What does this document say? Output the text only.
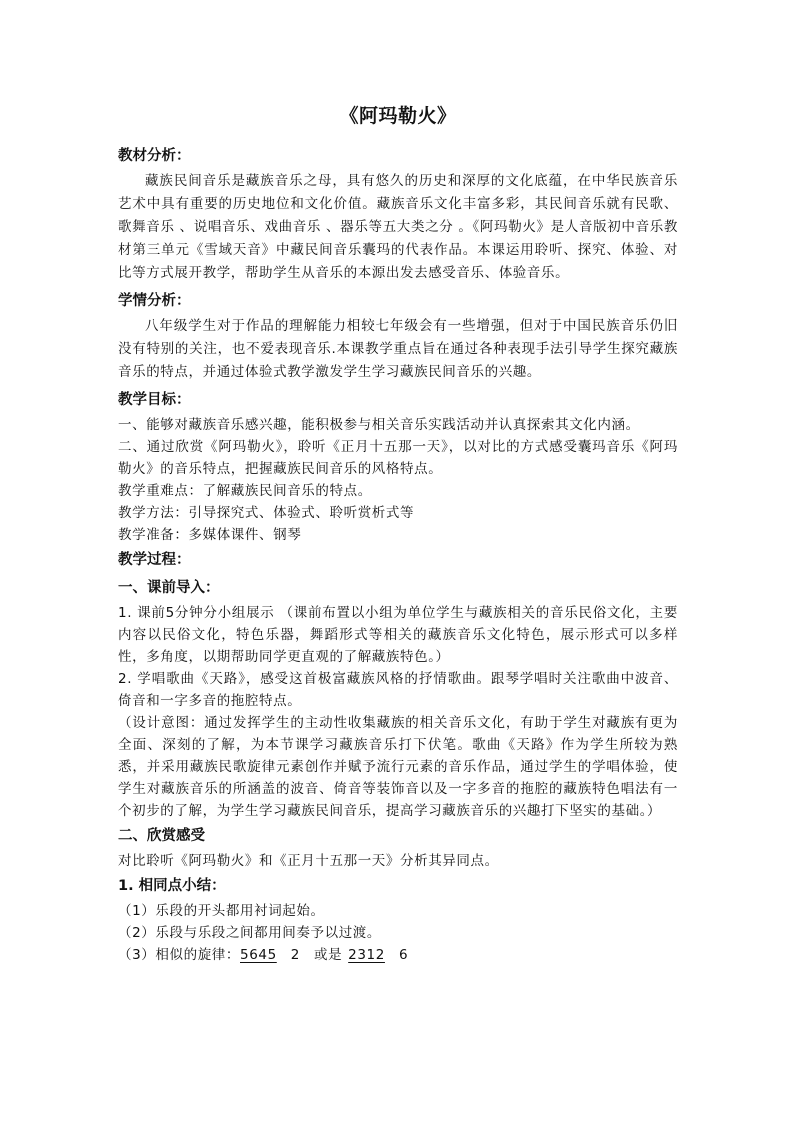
《阿玛勒火》
教材分析：

藏族民间音乐是藏族音乐之母，具有悠久的历史和深厚的文化底蕴，在中华民族音乐艺术中具有重要的历史地位和文化价值。藏族音乐文化丰富多彩，其民间音乐就有民歌、歌舞音乐 、说唱音乐、戏曲音乐 、器乐等五大类之分 。《阿玛勒火》是人音版初中音乐教材第三单元《雪域天音》中藏民间音乐囊玛的代表作品。本课运用聆听、探究、体验、对比等方式展开教学，帮助学生从音乐的本源出发去感受音乐、体验音乐。

学情分析：

八年级学生对于作品的理解能力相较七年级会有一些增强，但对于中国民族音乐仍旧没有特别的关注，也不爱表现音乐.本课教学重点旨在通过各种表现手法引导学生探究藏族音乐的特点，并通过体验式教学激发学生学习藏族民间音乐的兴趣。

教学目标：

一、能够对藏族音乐感兴趣，能积极参与相关音乐实践活动并认真探索其文化内涵。

二、通过欣赏《阿玛勒火》，聆听《正月十五那一天》，以对比的方式感受囊玛音乐《阿玛勒火》的音乐特点，把握藏族民间音乐的风格特点。

教学重难点：了解藏族民间音乐的特点。

教学方法：引导探究式、体验式、聆听赏析式等

教学准备：多媒体课件、钢琴

教学过程：
一、课前导入：

1. 课前5分钟分小组展示 （课前布置以小组为单位学生与藏族相关的音乐民俗文化，主要内容以民俗文化，特色乐器，舞蹈形式等相关的藏族音乐文化特色，展示形式可以多样性，多角度，以期帮助同学更直观的了解藏族特色。）

2. 学唱歌曲《天路》，感受这首极富藏族风格的抒情歌曲。跟琴学唱时关注歌曲中波音、倚音和一字多音的拖腔特点。

（设计意图：通过发挥学生的主动性收集藏族的相关音乐文化，有助于学生对藏族有更为全面、深刻的了解，为本节课学习藏族音乐打下伏笔。歌曲《天路》作为学生所较为熟悉，并采用藏族民歌旋律元素创作并赋予流行元素的音乐作品，通过学生的学唱体验，使学生对藏族音乐的所涵盖的波音、倚音等装饰音以及一字多音的拖腔的藏族特色唱法有一个初步的了解，为学生学习藏族民间音乐，提高学习藏族音乐的兴趣打下坚实的基础。）

二、欣赏感受

对比聆听《阿玛勒火》和《正月十五那一天》分析其异同点。

1. 相同点小结：

（1）乐段的开头都用衬词起始。

（2）乐段与乐段之间都用间奏予以过渡。

（3）相似的旋律：5645 2 或是 2312 6
